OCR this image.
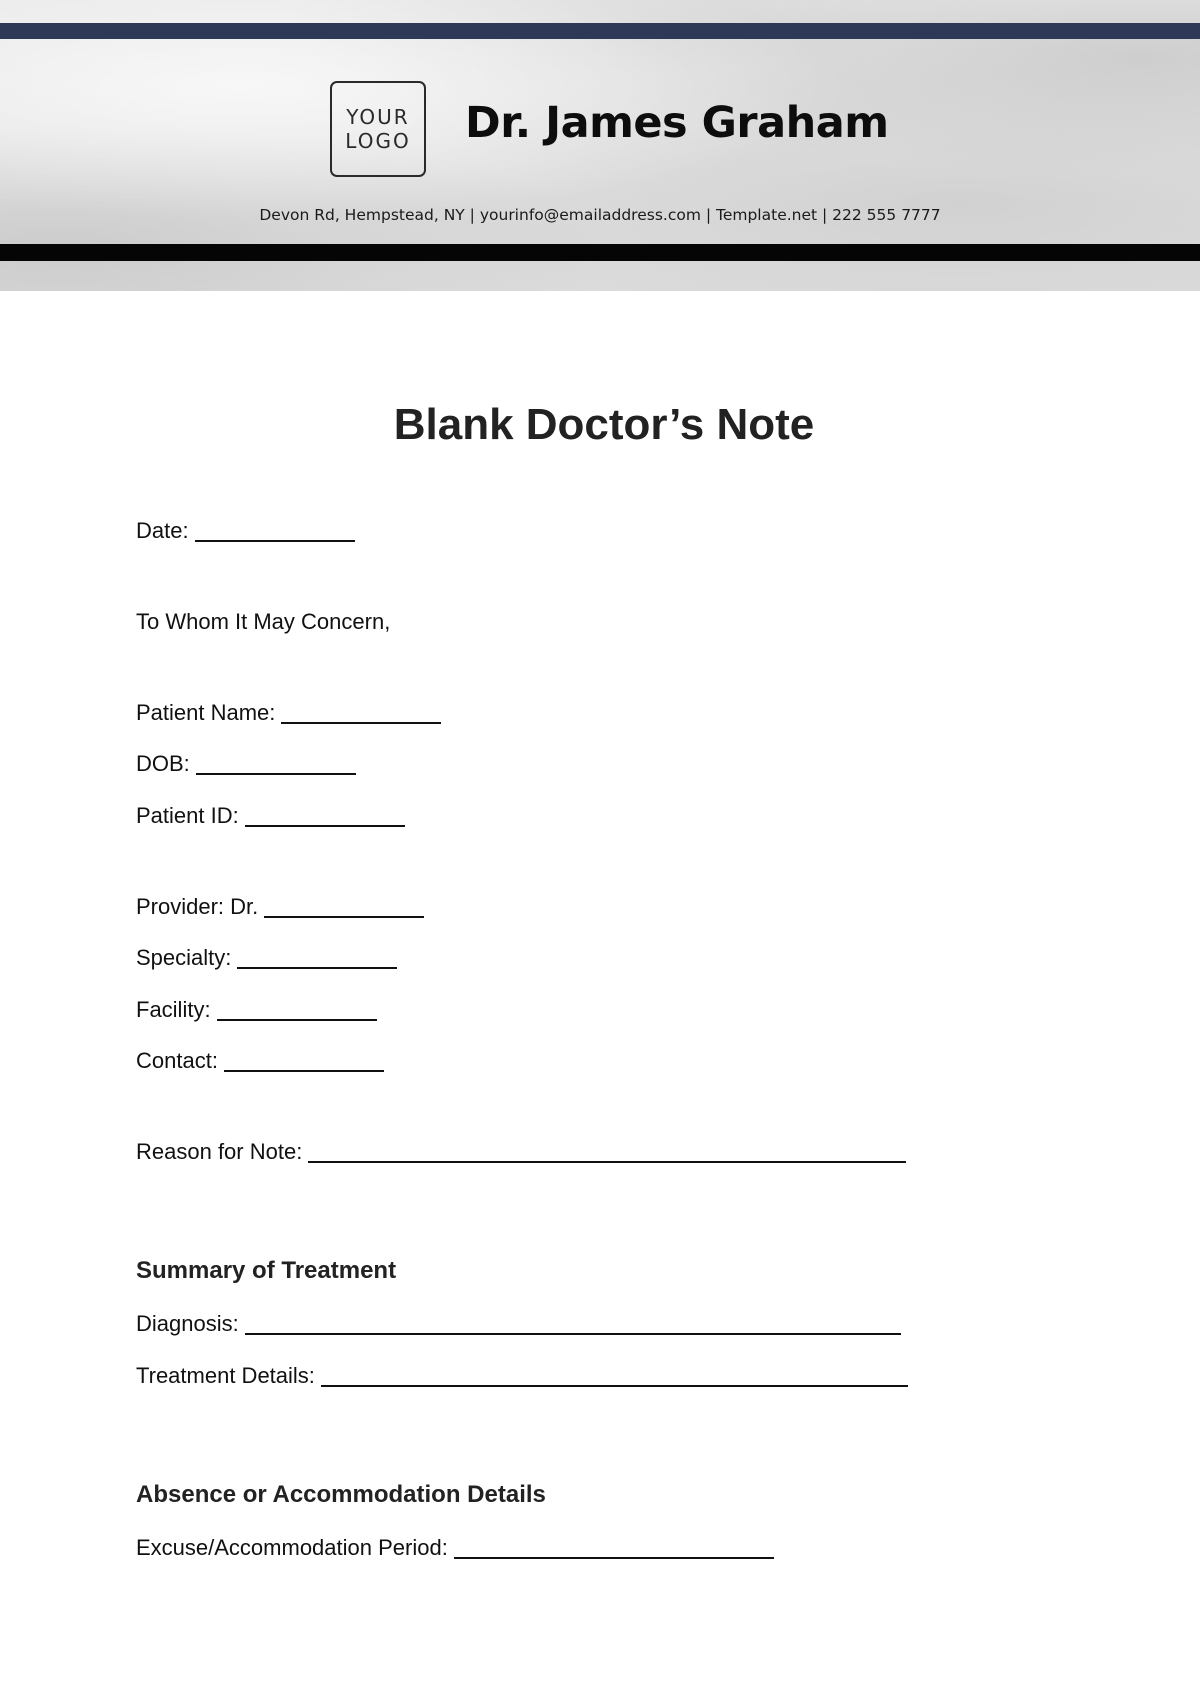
YOUR
LOGO Dr. James Graham
Devon Rd, Hempstead, NY | yourinfo@emailaddress.com | Template.net | 222 555 7777
Blank Doctor’s Note
Date:
To Whom It May Concern,
Patient Name:
DOB:
Patient ID:
Provider: Dr.
Specialty:
Facility:
Contact:
Reason for Note:
Summary of Treatment
Diagnosis:
Treatment Details:
Absence or Accommodation Details
Excuse/Accommodation Period:
